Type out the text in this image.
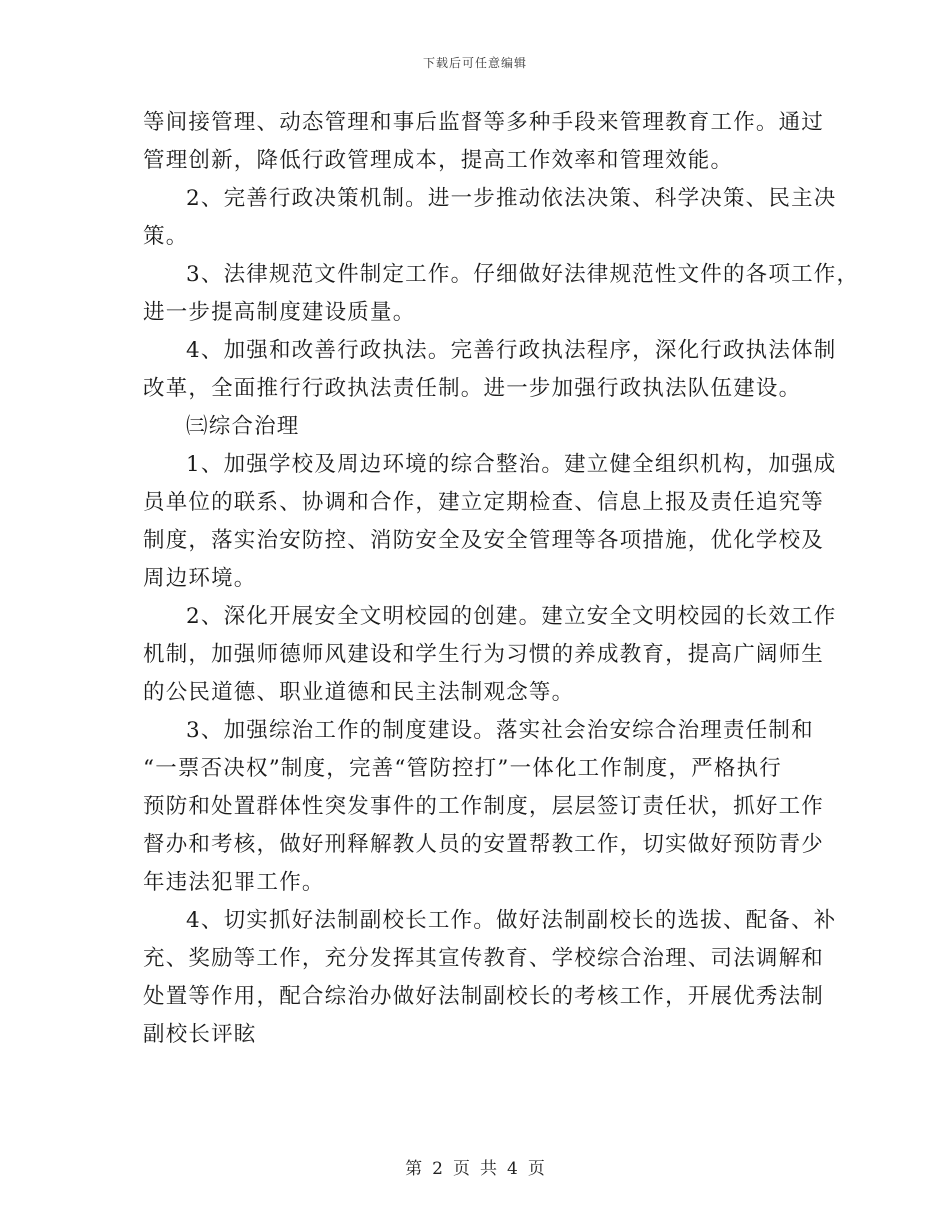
下载后可任意编辑
等间接管理、动态管理和事后监督等多种手段来管理教育工作。通过
管理创新，降低行政管理成本，提高工作效率和管理效能。
2、完善行政决策机制。进一步推动依法决策、科学决策、民主决
策。
3、法律规范文件制定工作。仔细做好法律规范性文件的各项工作，
进一步提高制度建设质量。
4、加强和改善行政执法。完善行政执法程序，深化行政执法体制
改革，全面推行行政执法责任制。进一步加强行政执法队伍建设。
㈢综合治理
1、加强学校及周边环境的综合整治。建立健全组织机构，加强成
员单位的联系、协调和合作，建立定期检查、信息上报及责任追究等
制度，落实治安防控、消防安全及安全管理等各项措施，优化学校及
周边环境。
2、深化开展安全文明校园的创建。建立安全文明校园的长效工作
机制，加强师德师风建设和学生行为习惯的养成教育，提高广阔师生
的公民道德、职业道德和民主法制观念等。
3、加强综治工作的制度建设。落实社会治安综合治理责任制和
“一票否决权”制度，完善“管防控打”一体化工作制度，严格执行
预防和处置群体性突发事件的工作制度，层层签订责任状，抓好工作
督办和考核，做好刑释解教人员的安置帮教工作，切实做好预防青少
年违法犯罪工作。
4、切实抓好法制副校长工作。做好法制副校长的选拔、配备、补
充、奖励等工作，充分发挥其宣传教育、学校综合治理、司法调解和
处置等作用，配合综治办做好法制副校长的考核工作，开展优秀法制
副校长评眩
第 2 页 共 4 页
